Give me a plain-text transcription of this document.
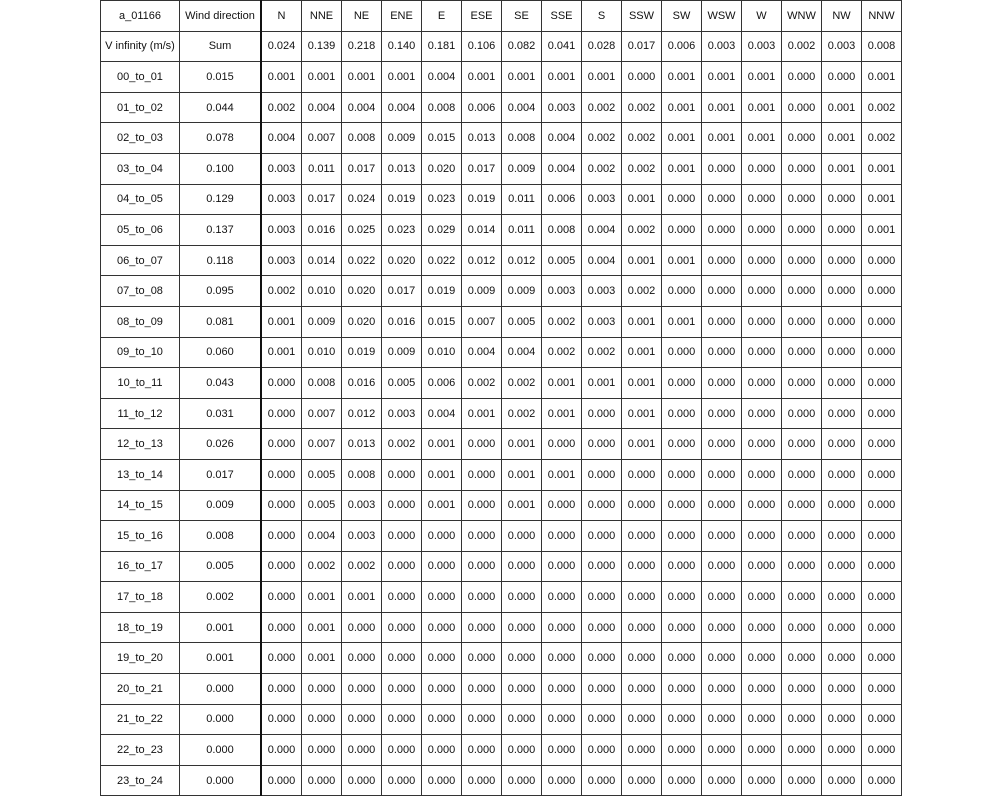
a_01166	Wind direction	N	NNE	NE	ENE	E	ESE	SE	SSE	S	SSW	SW	WSW	W	WNW	NW	NNW
V infinity (m/s)	Sum	0.024	0.139	0.218	0.140	0.181	0.106	0.082	0.041	0.028	0.017	0.006	0.003	0.003	0.002	0.003	0.008
00_to_01	0.015	0.001	0.001	0.001	0.001	0.004	0.001	0.001	0.001	0.001	0.000	0.001	0.001	0.001	0.000	0.000	0.001
01_to_02	0.044	0.002	0.004	0.004	0.004	0.008	0.006	0.004	0.003	0.002	0.002	0.001	0.001	0.001	0.000	0.001	0.002
02_to_03	0.078	0.004	0.007	0.008	0.009	0.015	0.013	0.008	0.004	0.002	0.002	0.001	0.001	0.001	0.000	0.001	0.002
03_to_04	0.100	0.003	0.011	0.017	0.013	0.020	0.017	0.009	0.004	0.002	0.002	0.001	0.000	0.000	0.000	0.001	0.001
04_to_05	0.129	0.003	0.017	0.024	0.019	0.023	0.019	0.011	0.006	0.003	0.001	0.000	0.000	0.000	0.000	0.000	0.001
05_to_06	0.137	0.003	0.016	0.025	0.023	0.029	0.014	0.011	0.008	0.004	0.002	0.000	0.000	0.000	0.000	0.000	0.001
06_to_07	0.118	0.003	0.014	0.022	0.020	0.022	0.012	0.012	0.005	0.004	0.001	0.001	0.000	0.000	0.000	0.000	0.000
07_to_08	0.095	0.002	0.010	0.020	0.017	0.019	0.009	0.009	0.003	0.003	0.002	0.000	0.000	0.000	0.000	0.000	0.000
08_to_09	0.081	0.001	0.009	0.020	0.016	0.015	0.007	0.005	0.002	0.003	0.001	0.001	0.000	0.000	0.000	0.000	0.000
09_to_10	0.060	0.001	0.010	0.019	0.009	0.010	0.004	0.004	0.002	0.002	0.001	0.000	0.000	0.000	0.000	0.000	0.000
10_to_11	0.043	0.000	0.008	0.016	0.005	0.006	0.002	0.002	0.001	0.001	0.001	0.000	0.000	0.000	0.000	0.000	0.000
11_to_12	0.031	0.000	0.007	0.012	0.003	0.004	0.001	0.002	0.001	0.000	0.001	0.000	0.000	0.000	0.000	0.000	0.000
12_to_13	0.026	0.000	0.007	0.013	0.002	0.001	0.000	0.001	0.000	0.000	0.001	0.000	0.000	0.000	0.000	0.000	0.000
13_to_14	0.017	0.000	0.005	0.008	0.000	0.001	0.000	0.001	0.001	0.000	0.000	0.000	0.000	0.000	0.000	0.000	0.000
14_to_15	0.009	0.000	0.005	0.003	0.000	0.001	0.000	0.001	0.000	0.000	0.000	0.000	0.000	0.000	0.000	0.000	0.000
15_to_16	0.008	0.000	0.004	0.003	0.000	0.000	0.000	0.000	0.000	0.000	0.000	0.000	0.000	0.000	0.000	0.000	0.000
16_to_17	0.005	0.000	0.002	0.002	0.000	0.000	0.000	0.000	0.000	0.000	0.000	0.000	0.000	0.000	0.000	0.000	0.000
17_to_18	0.002	0.000	0.001	0.001	0.000	0.000	0.000	0.000	0.000	0.000	0.000	0.000	0.000	0.000	0.000	0.000	0.000
18_to_19	0.001	0.000	0.001	0.000	0.000	0.000	0.000	0.000	0.000	0.000	0.000	0.000	0.000	0.000	0.000	0.000	0.000
19_to_20	0.001	0.000	0.001	0.000	0.000	0.000	0.000	0.000	0.000	0.000	0.000	0.000	0.000	0.000	0.000	0.000	0.000
20_to_21	0.000	0.000	0.000	0.000	0.000	0.000	0.000	0.000	0.000	0.000	0.000	0.000	0.000	0.000	0.000	0.000	0.000
21_to_22	0.000	0.000	0.000	0.000	0.000	0.000	0.000	0.000	0.000	0.000	0.000	0.000	0.000	0.000	0.000	0.000	0.000
22_to_23	0.000	0.000	0.000	0.000	0.000	0.000	0.000	0.000	0.000	0.000	0.000	0.000	0.000	0.000	0.000	0.000	0.000
23_to_24	0.000	0.000	0.000	0.000	0.000	0.000	0.000	0.000	0.000	0.000	0.000	0.000	0.000	0.000	0.000	0.000	0.000
